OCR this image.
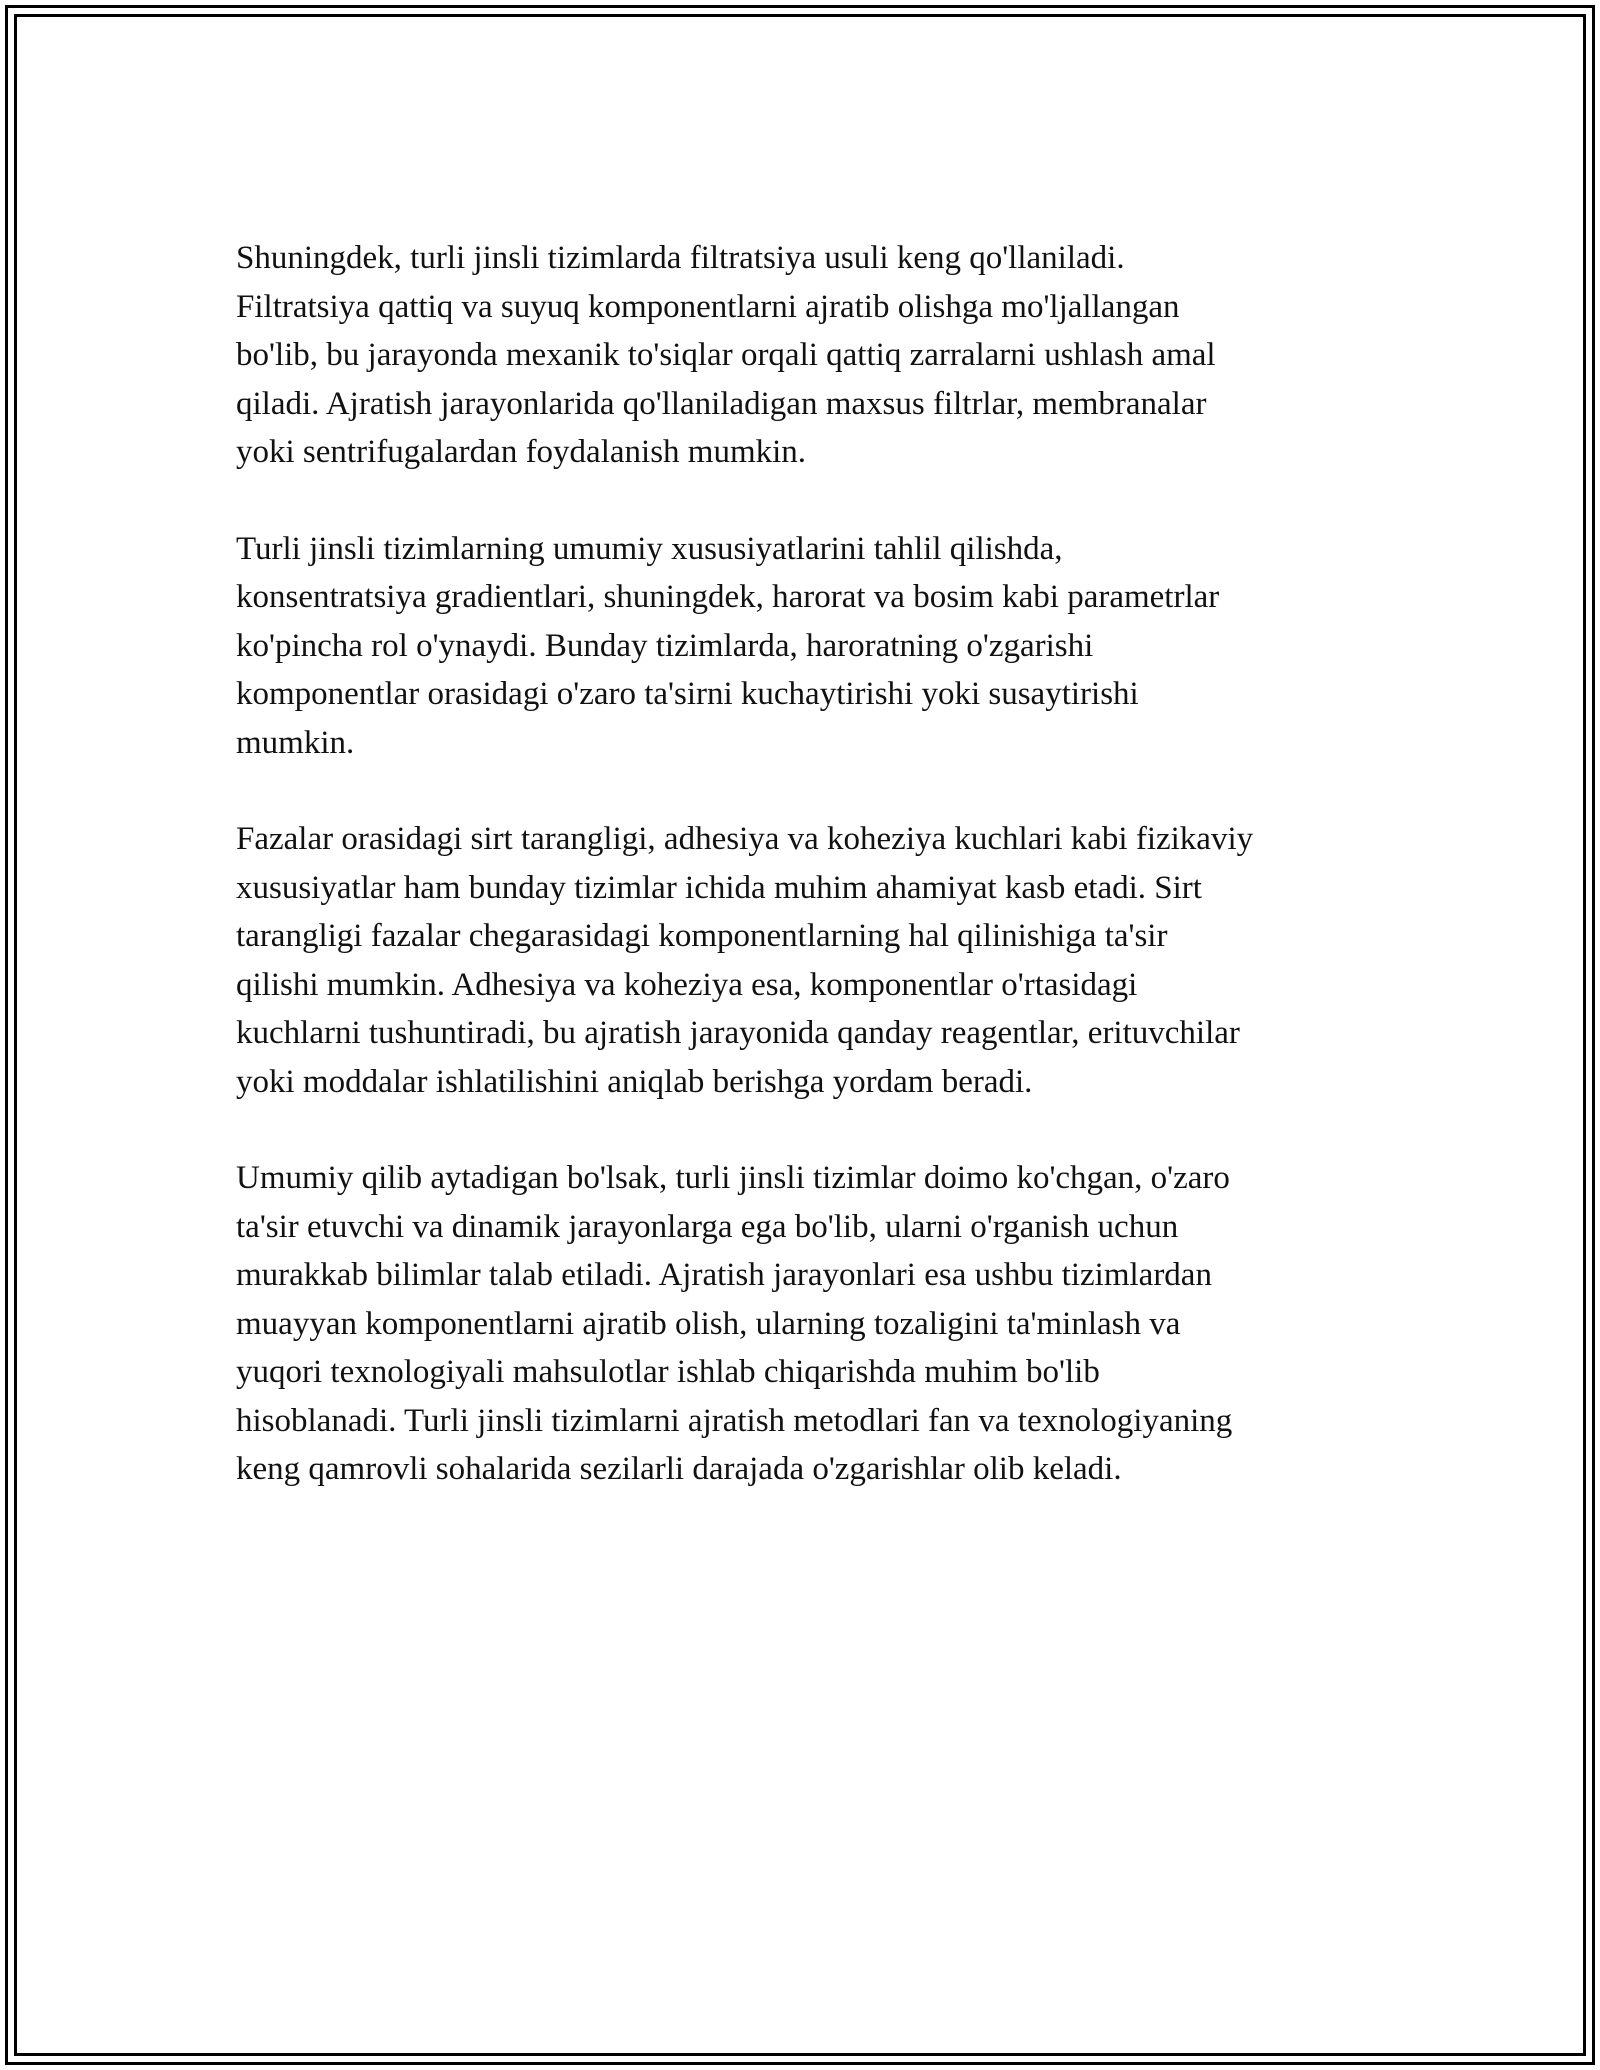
Shuningdek, turli jinsli tizimlarda filtratsiya usuli keng qo'llaniladi.
Filtratsiya qattiq va suyuq komponentlarni ajratib olishga mo'ljallangan
bo'lib, bu jarayonda mexanik to'siqlar orqali qattiq zarralarni ushlash amal
qiladi. Ajratish jarayonlarida qo'llaniladigan maxsus filtrlar, membranalar
yoki sentrifugalardan foydalanish mumkin.

Turli jinsli tizimlarning umumiy xususiyatlarini tahlil qilishda,
konsentratsiya gradientlari, shuningdek, harorat va bosim kabi parametrlar
ko'pincha rol o'ynaydi. Bunday tizimlarda, haroratning o'zgarishi
komponentlar orasidagi o'zaro ta'sirni kuchaytirishi yoki susaytirishi
mumkin.

Fazalar orasidagi sirt tarangligi, adhesiya va koheziya kuchlari kabi fizikaviy
xususiyatlar ham bunday tizimlar ichida muhim ahamiyat kasb etadi. Sirt
tarangligi fazalar chegarasidagi komponentlarning hal qilinishiga ta'sir
qilishi mumkin. Adhesiya va koheziya esa, komponentlar o'rtasidagi
kuchlarni tushuntiradi, bu ajratish jarayonida qanday reagentlar, erituvchilar
yoki moddalar ishlatilishini aniqlab berishga yordam beradi.

Umumiy qilib aytadigan bo'lsak, turli jinsli tizimlar doimo ko'chgan, o'zaro
ta'sir etuvchi va dinamik jarayonlarga ega bo'lib, ularni o'rganish uchun
murakkab bilimlar talab etiladi. Ajratish jarayonlari esa ushbu tizimlardan
muayyan komponentlarni ajratib olish, ularning tozaligini ta'minlash va
yuqori texnologiyali mahsulotlar ishlab chiqarishda muhim bo'lib
hisoblanadi. Turli jinsli tizimlarni ajratish metodlari fan va texnologiyaning
keng qamrovli sohalarida sezilarli darajada o'zgarishlar olib keladi.
